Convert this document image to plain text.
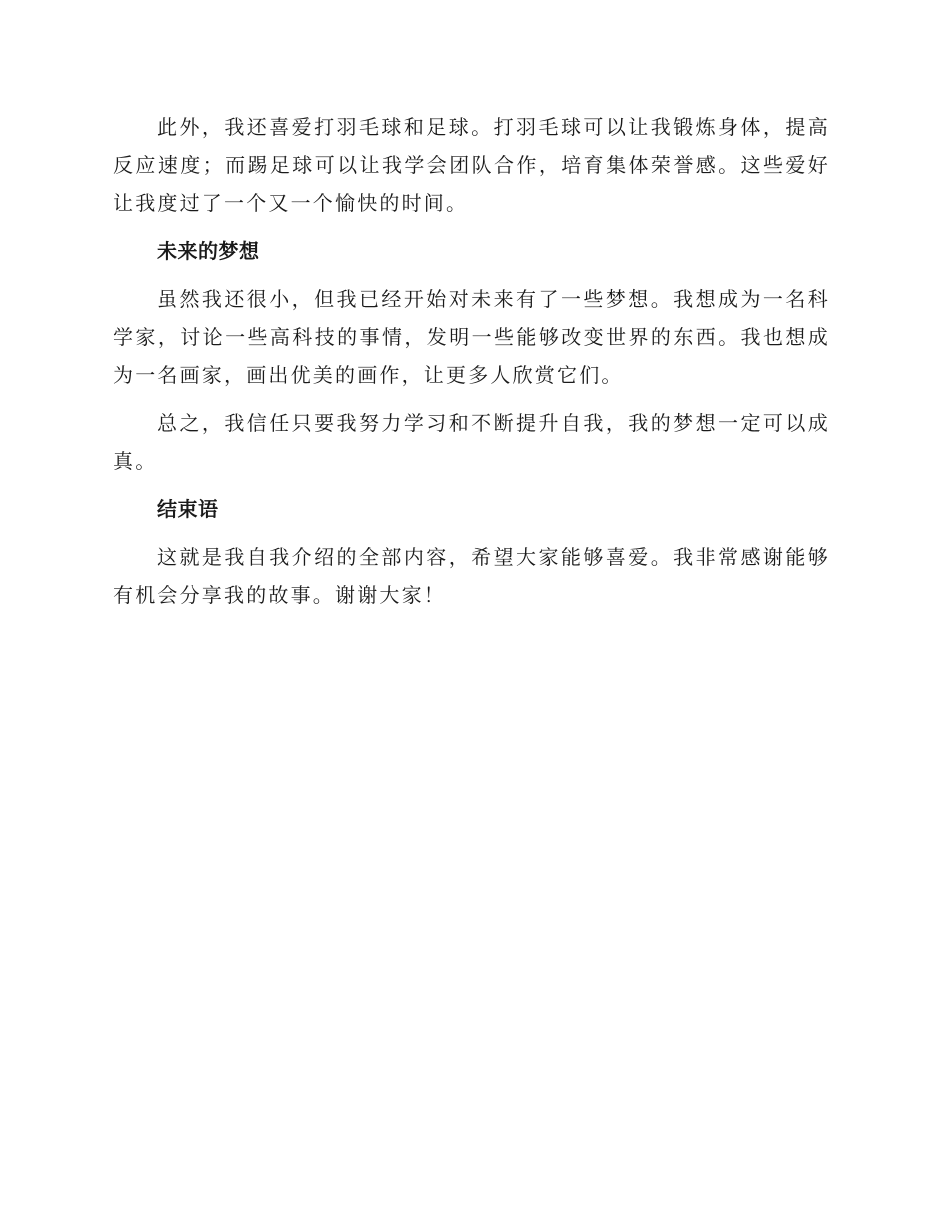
此外，我还喜爱打羽毛球和足球。打羽毛球可以让我锻炼身体，提高反应速度；而踢足球可以让我学会团队合作，培育集体荣誉感。这些爱好让我度过了一个又一个愉快的时间。

未来的梦想

虽然我还很小，但我已经开始对未来有了一些梦想。我想成为一名科学家，讨论一些高科技的事情，发明一些能够改变世界的东西。我也想成为一名画家，画出优美的画作，让更多人欣赏它们。

总之，我信任只要我努力学习和不断提升自我，我的梦想一定可以成真。

结束语

这就是我自我介绍的全部内容，希望大家能够喜爱。我非常感谢能够有机会分享我的故事。谢谢大家！
